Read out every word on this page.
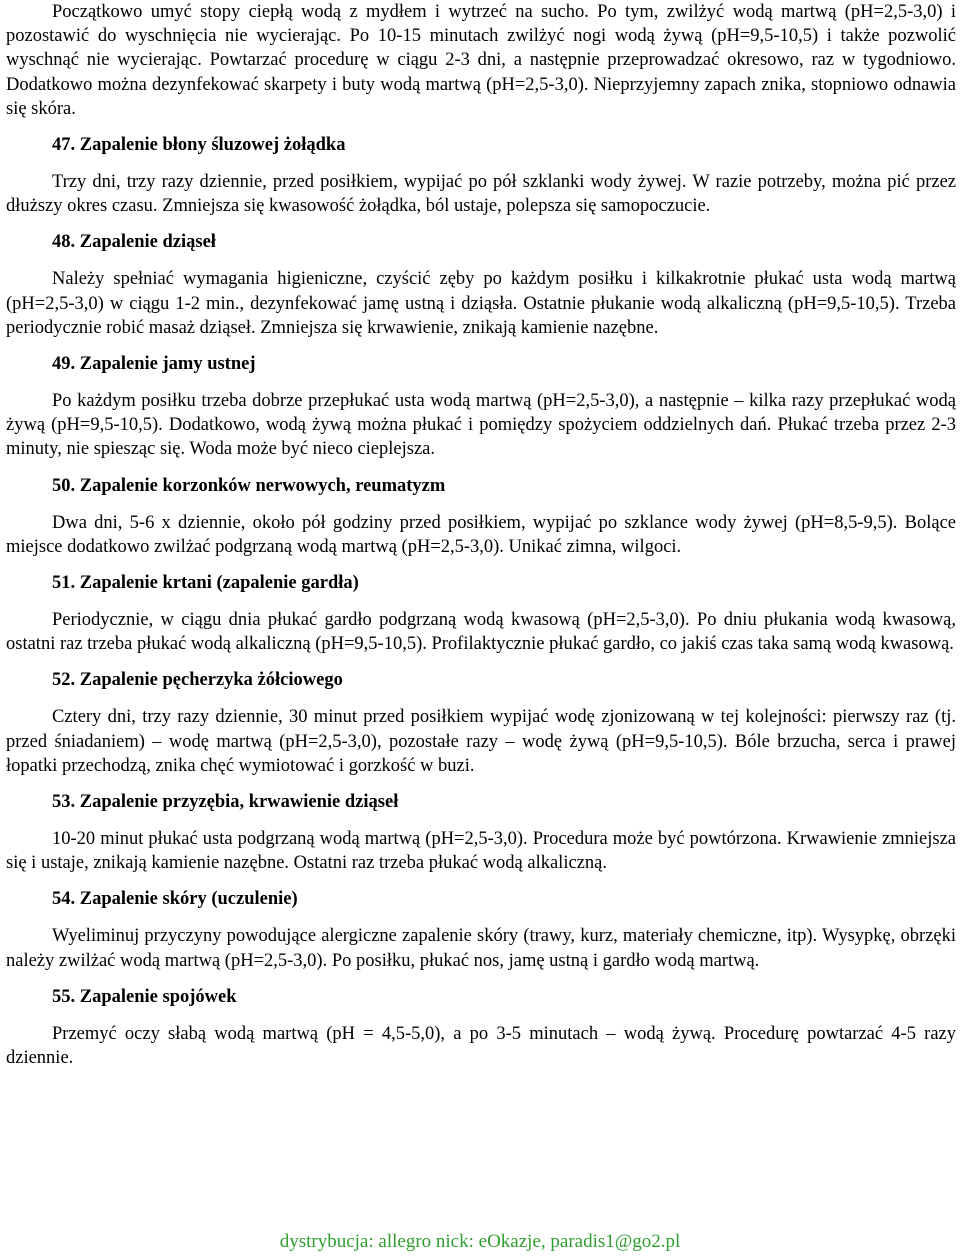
Początkowo umyć stopy ciepłą wodą z mydłem i wytrzeć na sucho. Po tym, zwilżyć wodą martwą (pH=2,5-3,0) i pozostawić do wyschnięcia nie wycierając. Po 10-15 minutach zwilżyć nogi wodą żywą (pH=9,5-10,5) i także pozwolić wyschnąć nie wycierając. Powtarzać procedurę w ciągu 2-3 dni, a następnie przeprowadzać okresowo, raz w tygodniowo. Dodatkowo można dezynfekować skarpety i buty wodą martwą (pH=2,5-3,0). Nieprzyjemny zapach znika, stopniowo odnawia się skóra.

47. Zapalenie błony śluzowej żołądka

Trzy dni, trzy razy dziennie, przed posiłkiem, wypijać po pół szklanki wody żywej. W razie potrzeby, można pić przez dłuższy okres czasu. Zmniejsza się kwasowość żołądka, ból ustaje, polepsza się samopoczucie.

48. Zapalenie dziąseł

Należy spełniać wymagania higieniczne, czyścić zęby po każdym posiłku i kilkakrotnie płukać usta wodą martwą (pH=2,5-3,0) w ciągu 1-2 min., dezynfekować jamę ustną i dziąsła. Ostatnie płukanie wodą alkaliczną (pH=9,5-10,5). Trzeba periodycznie robić masaż dziąseł. Zmniejsza się krwawienie, znikają kamienie nazębne.

49. Zapalenie jamy ustnej

Po każdym posiłku trzeba dobrze przepłukać usta wodą martwą (pH=2,5-3,0), a następnie – kilka razy przepłukać wodą żywą (pH=9,5-10,5). Dodatkowo, wodą żywą można płukać i pomiędzy spożyciem oddzielnych dań. Płukać trzeba przez 2-3 minuty, nie spiesząc się. Woda może być nieco cieplejsza.

50. Zapalenie korzonków nerwowych, reumatyzm

Dwa dni, 5-6 x dziennie, około pół godziny przed posiłkiem, wypijać po szklance wody żywej (pH=8,5-9,5). Bolące miejsce dodatkowo zwilżać podgrzaną wodą martwą (pH=2,5-3,0). Unikać zimna, wilgoci.

51. Zapalenie krtani (zapalenie gardła)

Periodycznie, w ciągu dnia płukać gardło podgrzaną wodą kwasową (pH=2,5-3,0). Po dniu płukania wodą kwasową, ostatni raz trzeba płukać wodą alkaliczną (pH=9,5-10,5). Profilaktycznie płukać gardło, co jakiś czas taka samą wodą kwasową.

52. Zapalenie pęcherzyka żółciowego

Cztery dni, trzy razy dziennie, 30 minut przed posiłkiem wypijać wodę zjonizowaną w tej kolejności: pierwszy raz (tj. przed śniadaniem) – wodę martwą (pH=2,5-3,0), pozostałe razy – wodę żywą (pH=9,5-10,5). Bóle brzucha, serca i prawej łopatki przechodzą, znika chęć wymiotować i gorzkość w buzi.

53. Zapalenie przyzębia, krwawienie dziąseł

10-20 minut płukać usta podgrzaną wodą martwą (pH=2,5-3,0). Procedura może być powtórzona. Krwawienie zmniejsza się i ustaje, znikają kamienie nazębne. Ostatni raz trzeba płukać wodą alkaliczną.

54. Zapalenie skóry (uczulenie)

Wyeliminuj przyczyny powodujące alergiczne zapalenie skóry (trawy, kurz, materiały chemiczne, itp). Wysypkę, obrzęki należy zwilżać wodą martwą (pH=2,5-3,0). Po posiłku, płukać nos, jamę ustną i gardło wodą martwą.

55. Zapalenie spojówek

Przemyć oczy słabą wodą martwą (pH = 4,5-5,0), a po 3-5 minutach – wodą żywą. Procedurę powtarzać 4-5 razy dziennie.

dystrybucja: allegro nick: eOkazje, paradis1@go2.pl
